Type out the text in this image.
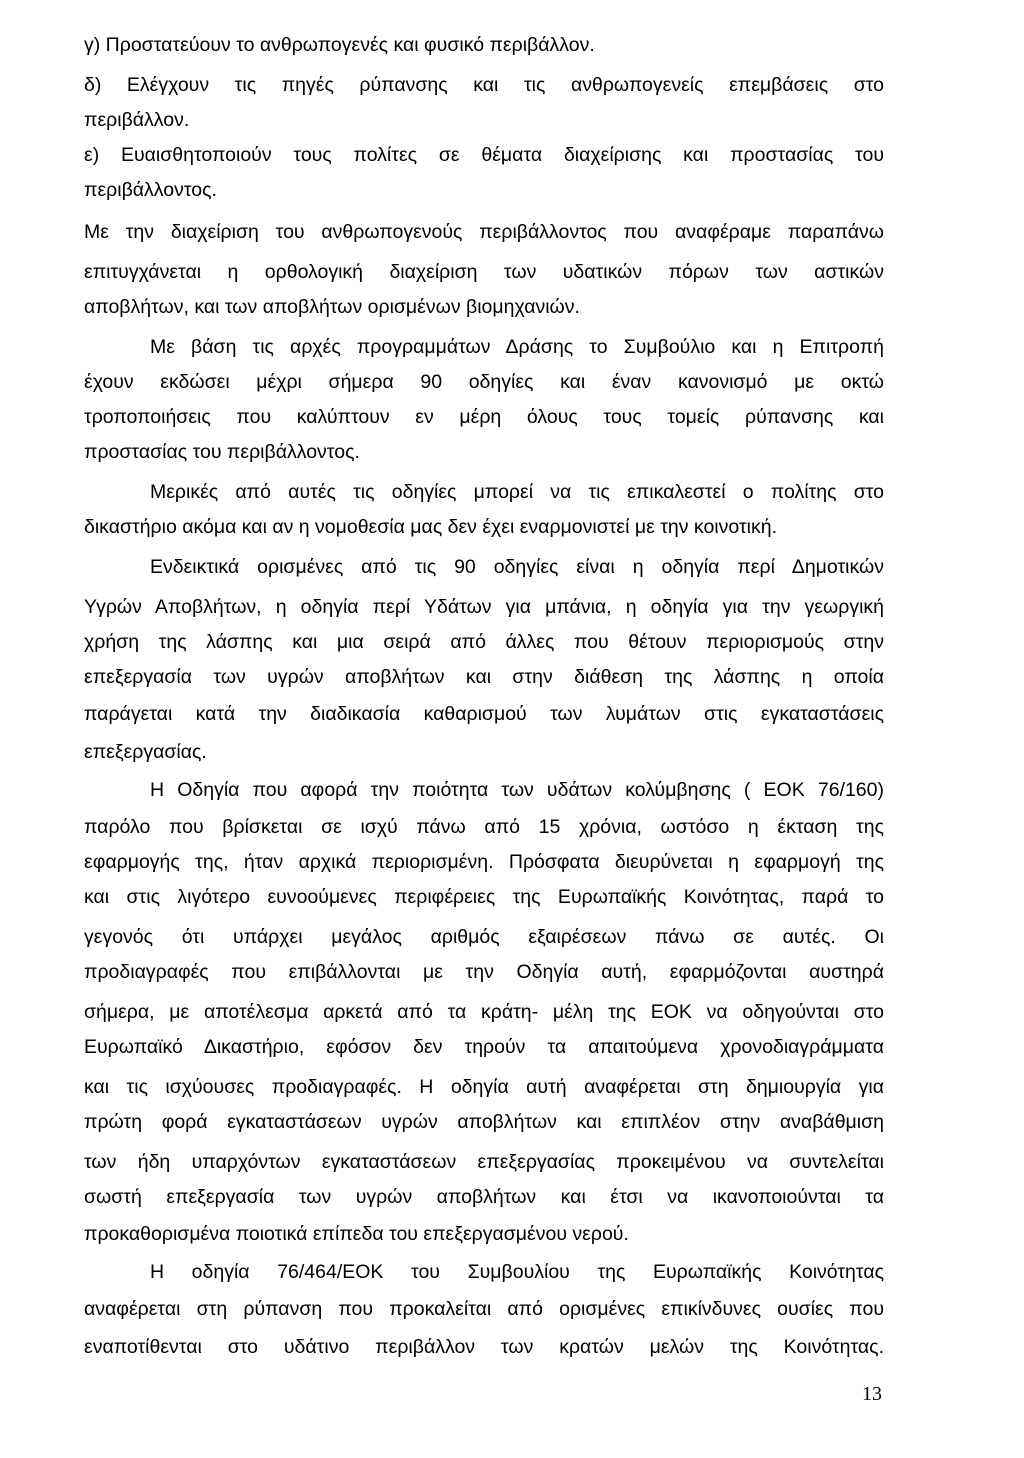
γ) Προστατεύουν το ανθρωπογενές και φυσικό περιβάλλον.
δ) Ελέγχουν τις πηγές ρύπανσης και τις ανθρωπογενείς επεμβάσεις στο
περιβάλλον.
ε) Ευαισθητοποιούν τους πολίτες σε θέματα διαχείρισης και προστασίας του
περιβάλλοντος.
Με την διαχείριση του ανθρωπογενούς περιβάλλοντος που αναφέραμε παραπάνω
επιτυγχάνεται η ορθολογική διαχείριση των υδατικών πόρων των αστικών
αποβλήτων, και των αποβλήτων ορισμένων βιομηχανιών.
Με βάση τις αρχές προγραμμάτων Δράσης το Συμβούλιο και η Επιτροπή
έχουν εκδώσει μέχρι σήμερα 90 οδηγίες και έναν κανονισμό με οκτώ
τροποποιήσεις που καλύπτουν εν μέρη όλους τους τομείς ρύπανσης και
προστασίας του περιβάλλοντος.
Μερικές από αυτές τις οδηγίες μπορεί να τις επικαλεστεί ο πολίτης στο
δικαστήριο ακόμα και αν η νομοθεσία μας δεν έχει εναρμονιστεί με την κοινοτική.
Ενδεικτικά ορισμένες από τις 90 οδηγίες είναι η οδηγία περί Δημοτικών
Υγρών Αποβλήτων, η οδηγία περί Υδάτων για μπάνια, η οδηγία για την γεωργική
χρήση της λάσπης και μια σειρά από άλλες που θέτουν περιορισμούς στην
επεξεργασία των υγρών αποβλήτων και στην διάθεση της λάσπης η οποία
παράγεται κατά την διαδικασία καθαρισμού των λυμάτων στις εγκαταστάσεις
επεξεργασίας.
Η Οδηγία που αφορά την ποιότητα των υδάτων κολύμβησης ( ΕΟΚ 76/160)
παρόλο που βρίσκεται σε ισχύ πάνω από 15 χρόνια, ωστόσο η έκταση της
εφαρμογής της, ήταν αρχικά περιορισμένη. Πρόσφατα διευρύνεται η εφαρμογή της
και στις λιγότερο ευνοούμενες περιφέρειες της Ευρωπαϊκής Κοινότητας, παρά το
γεγονός ότι υπάρχει μεγάλος αριθμός εξαιρέσεων πάνω σε αυτές. Οι
προδιαγραφές που επιβάλλονται με την Οδηγία αυτή, εφαρμόζονται αυστηρά
σήμερα, με αποτέλεσμα αρκετά από τα κράτη- μέλη της ΕΟΚ να οδηγούνται στο
Ευρωπαϊκό Δικαστήριο, εφόσον δεν τηρούν τα απαιτούμενα χρονοδιαγράμματα
και τις ισχύουσες προδιαγραφές. Η οδηγία αυτή αναφέρεται στη δημιουργία για
πρώτη φορά εγκαταστάσεων υγρών αποβλήτων και επιπλέον στην αναβάθμιση
των ήδη υπαρχόντων εγκαταστάσεων επεξεργασίας προκειμένου να συντελείται
σωστή επεξεργασία των υγρών αποβλήτων και έτσι να ικανοποιούνται τα
προκαθορισμένα ποιοτικά επίπεδα του επεξεργασμένου νερού.
Η οδηγία 76/464/ΕΟΚ του Συμβουλίου της Ευρωπαϊκής Κοινότητας
αναφέρεται στη ρύπανση που προκαλείται από ορισμένες επικίνδυνες ουσίες που
εναποτίθενται στο υδάτινο περιβάλλον των κρατών μελών της Κοινότητας.
13
